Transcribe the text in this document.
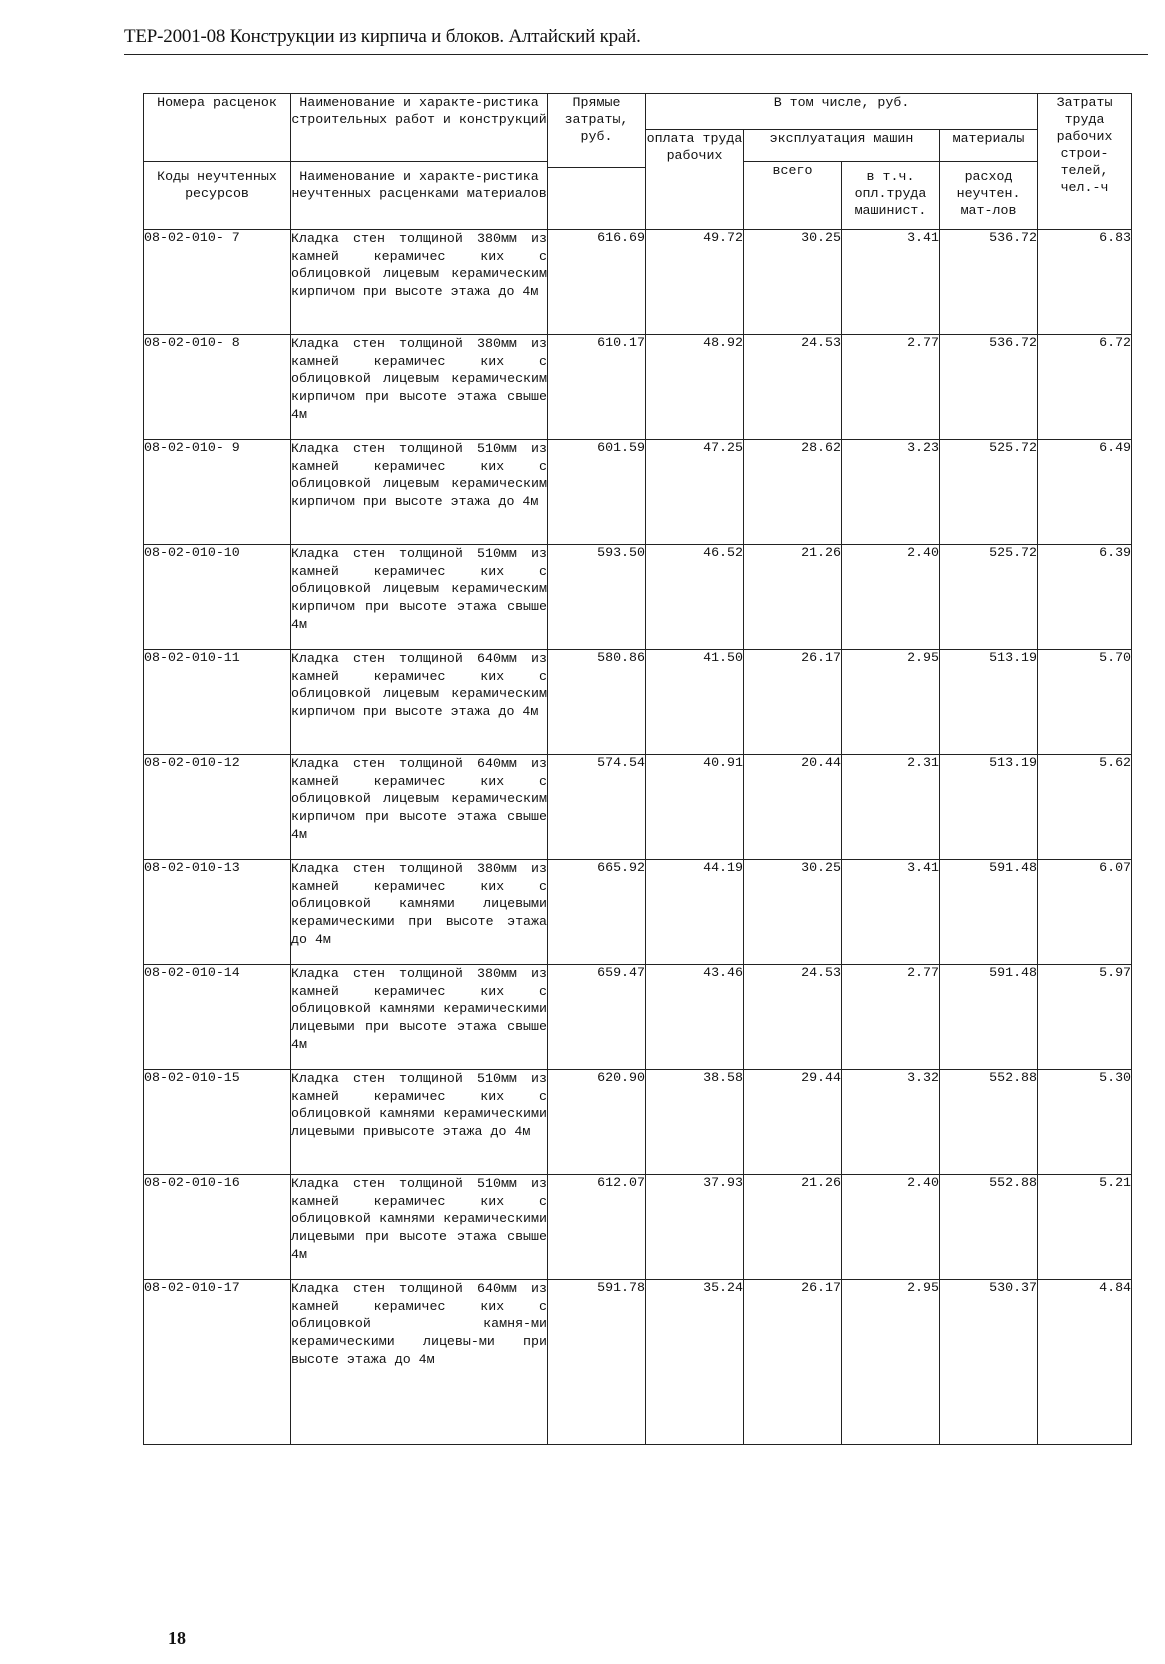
ТЕР-2001-08 Конструкции из кирпича и блоков. Алтайский край.
Номера расценок	Наименование и характе-ристика строительных работ и конструкций	Прямые затраты, руб.	В том числе, руб.				Затраты труда рабочих строи-телей, чел.-ч
			оплата труда рабочих	эксплуатация машин		материалы	
Коды неучтенных ресурсов	Наименование и характе-ристика неучтенных расценками материалов			всего	в т.ч. опл.труда машинист.	расход неучтен. мат-лов	

08-02-010- 7	Кладка стен толщиной 380мм из камней керамичес ких с облицовкой лицевым керамическим кирпичом при высоте этажа до 4м	616.69	49.72	30.25	3.41	536.72	6.83
08-02-010- 8	Кладка стен толщиной 380мм из камней керамичес ких с облицовкой лицевым керамическим кирпичом при высоте этажа свыше 4м	610.17	48.92	24.53	2.77	536.72	6.72
08-02-010- 9	Кладка стен толщиной 510мм из камней керамичес ких с облицовкой лицевым керамическим кирпичом при высоте этажа до 4м	601.59	47.25	28.62	3.23	525.72	6.49
08-02-010-10	Кладка стен толщиной 510мм из камней керамичес ких с облицовкой лицевым керамическим кирпичом при высоте этажа свыше 4м	593.50	46.52	21.26	2.40	525.72	6.39
08-02-010-11	Кладка стен толщиной 640мм из камней керамичес ких с облицовкой лицевым керамическим кирпичом при высоте этажа до 4м	580.86	41.50	26.17	2.95	513.19	5.70
08-02-010-12	Кладка стен толщиной 640мм из камней керамичес ких с облицовкой лицевым керамическим кирпичом при высоте этажа свыше 4м	574.54	40.91	20.44	2.31	513.19	5.62
08-02-010-13	Кладка стен толщиной 380мм из камней керамичес ких с облицовкой камнями лицевыми керамическими при высоте этажа до 4м	665.92	44.19	30.25	3.41	591.48	6.07
08-02-010-14	Кладка стен толщиной 380мм из камней керамичес ких с облицовкой камнями керамическими лицевыми при высоте этажа свыше 4м	659.47	43.46	24.53	2.77	591.48	5.97
08-02-010-15	Кладка стен толщиной 510мм из камней керамичес ких с облицовкой камнями керамическими лицевыми привысоте этажа до 4м	620.90	38.58	29.44	3.32	552.88	5.30
08-02-010-16	Кладка стен толщиной 510мм из камней керамичес ких с облицовкой камнями керамическими лицевыми при высоте этажа свыше 4м	612.07	37.93	21.26	2.40	552.88	5.21
08-02-010-17	Кладка стен толщиной 640мм из камней керамичес ких с облицовкой камня-ми керамическими лицевы-ми при высоте этажа до 4м	591.78	35.24	26.17	2.95	530.37	4.84
18
